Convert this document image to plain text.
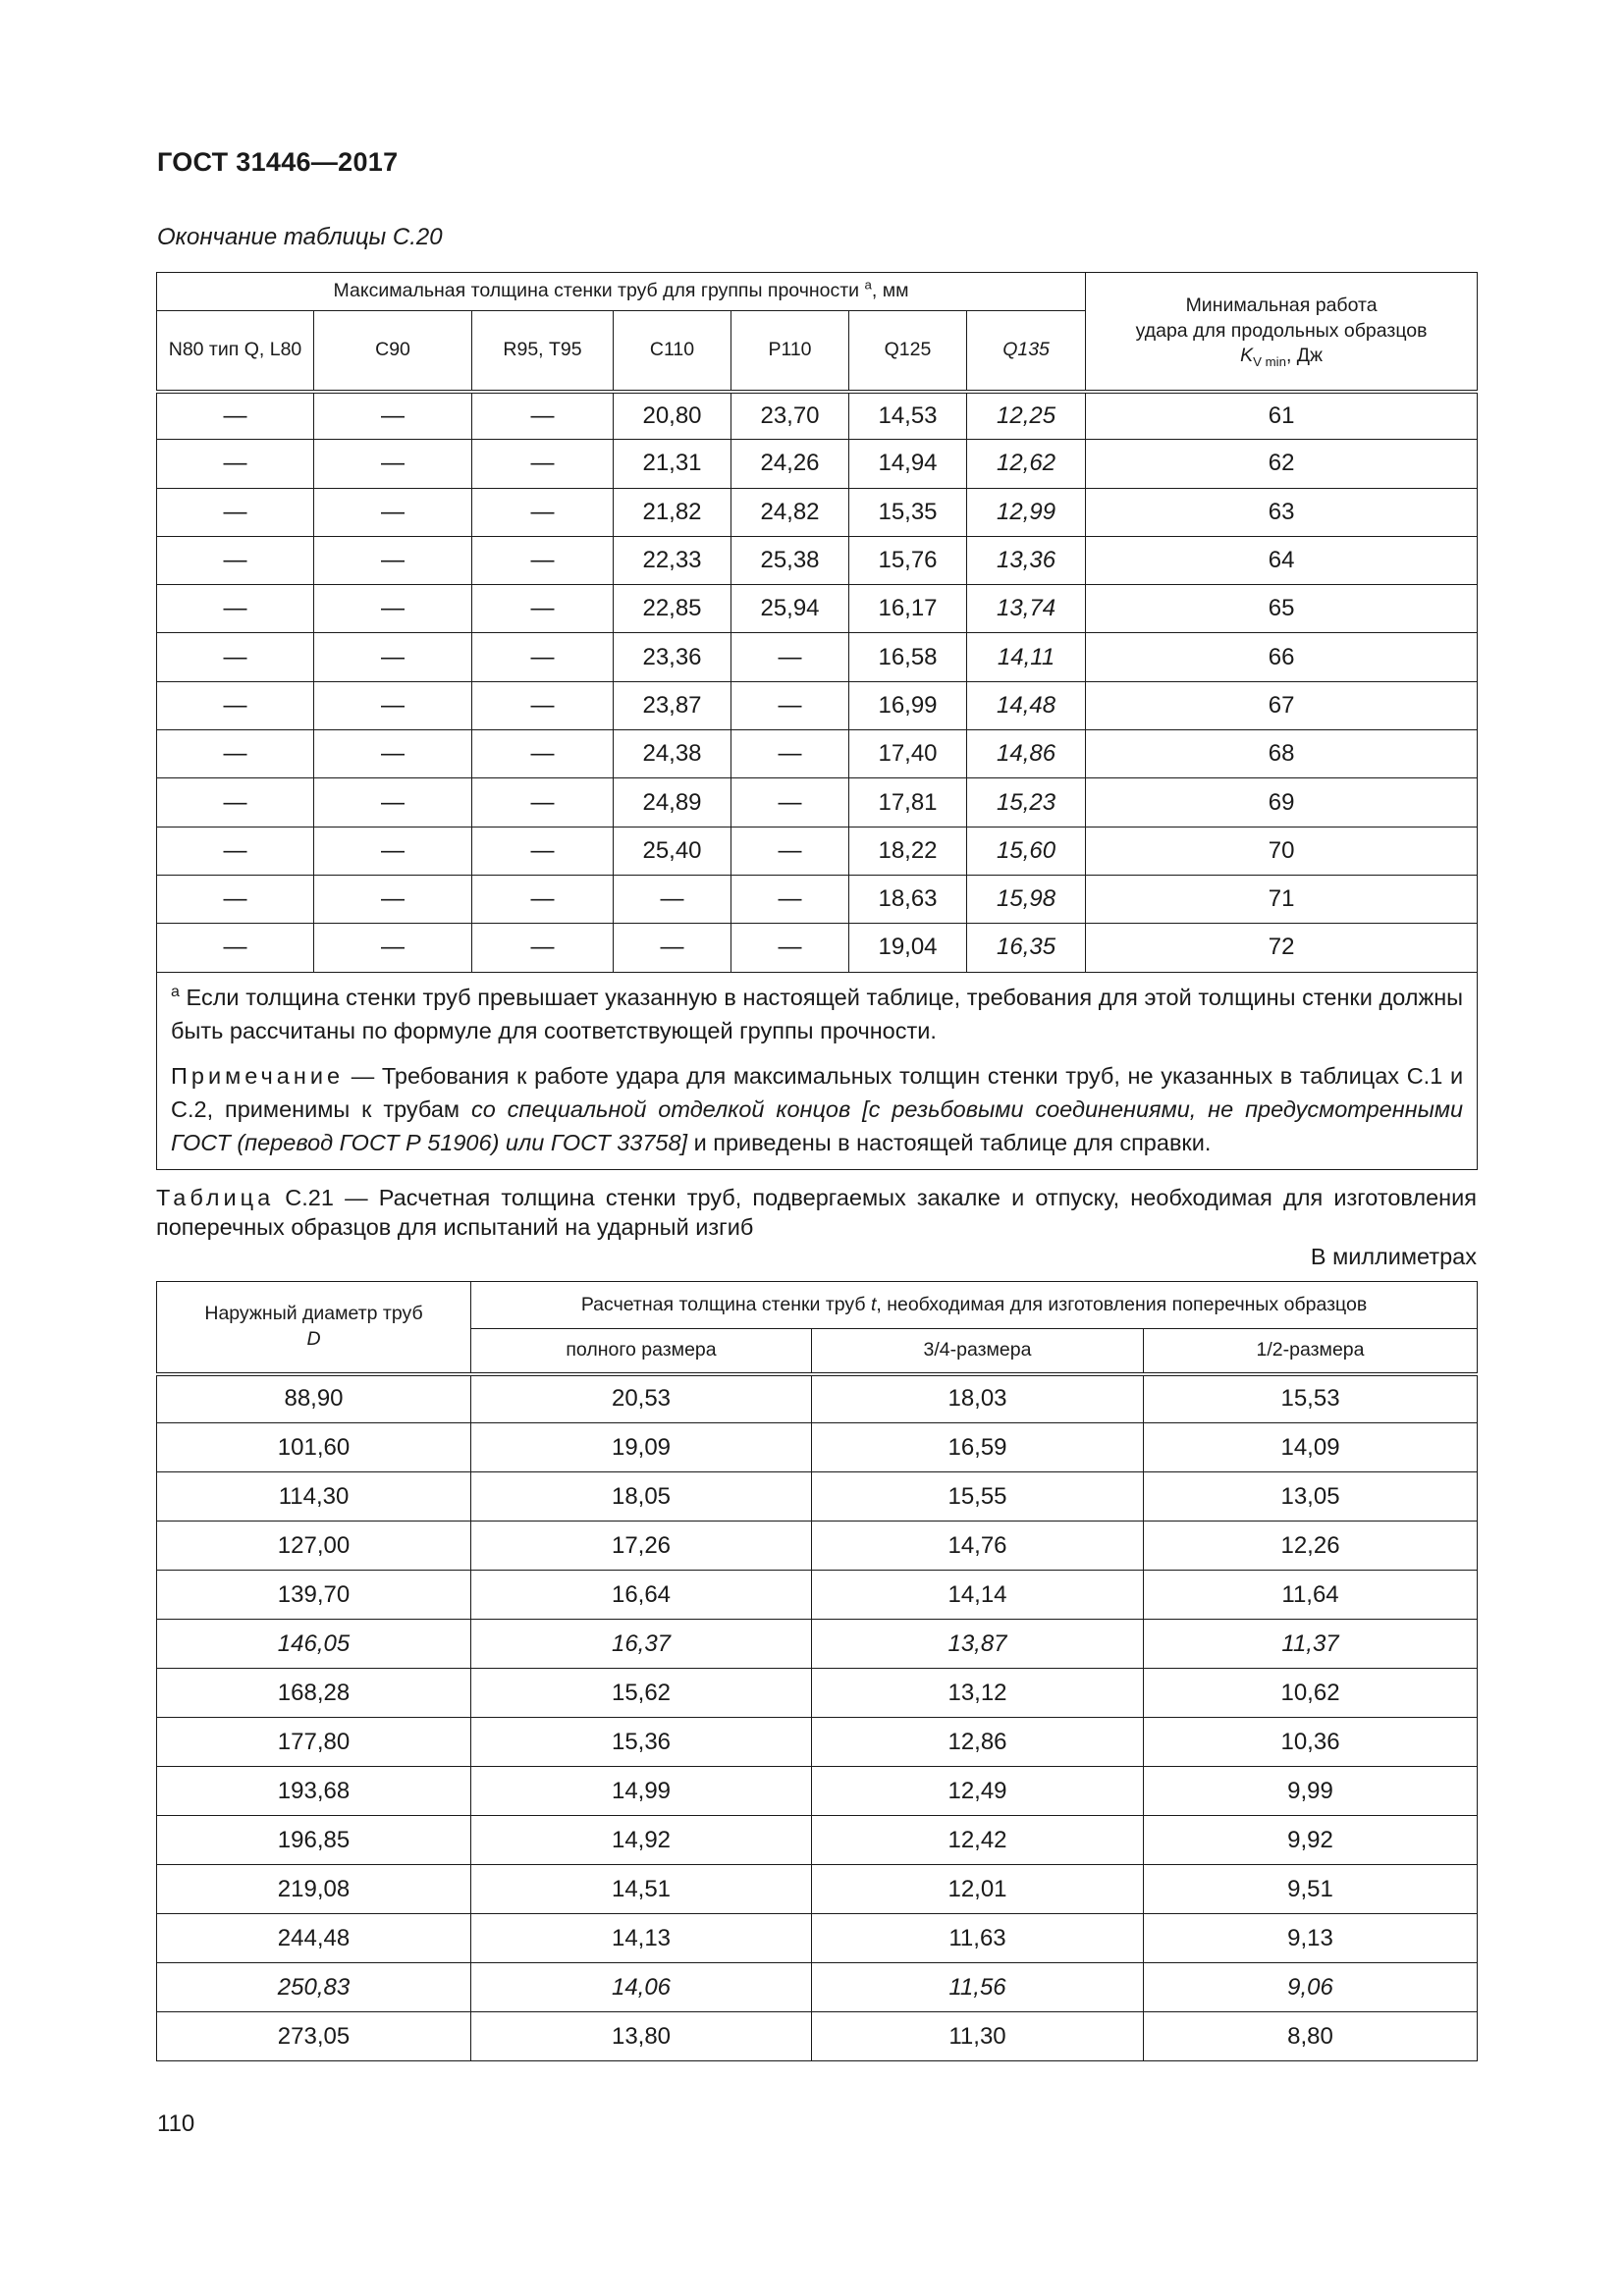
ГОСТ 31446—2017
Окончание таблицы С.20
Максимальная толщина стенки труб для группы прочности $^а$, мм							Минимальная работа
удара для продольных образцов
$K_{V min}$, Дж
N80 тип Q, L80	С90	R95, Т95	С110	Р110	Q125	Q135	
—	—	—	20,80	23,70	14,53	12,25	61
—	—	—	21,31	24,26	14,94	12,62	62
—	—	—	21,82	24,82	15,35	12,99	63
—	—	—	22,33	25,38	15,76	13,36	64
—	—	—	22,85	25,94	16,17	13,74	65
—	—	—	23,36	—	16,58	14,11	66
—	—	—	23,87	—	16,99	14,48	67
—	—	—	24,38	—	17,40	14,86	68
—	—	—	24,89	—	17,81	15,23	69
—	—	—	25,40	—	18,22	15,60	70
—	—	—	—	—	18,63	15,98	71
—	—	—	—	—	19,04	16,35	72

$^а$ Если толщина стенки труб превышает указанную в настоящей таблице, требования для этой толщины стенки должны быть рассчитаны по формуле для соответствующей группы прочности.

Примечание — Требования к работе удара для максимальных толщин стенки труб, не указанных в таблицах С.1 и С.2, применимы к трубам со специальной отделкой концов [с резьбовыми соединениями, не предусмотренными ГОСТ (перевод ГОСТ Р 51906) или ГОСТ 33758] и приведены в настоящей таблице для справки.							

Таблица С.21 — Расчетная толщина стенки труб, подвергаемых закалке и отпуску, необходимая для изготовления поперечных образцов для испытаний на ударный изгиб
В миллиметрах
Наружный диаметр труб
D	Расчетная толщина стенки труб t, необходимая для изготовления поперечных образцов		
	полного размера	3/4-размера	1/2-размера
88,90	20,53	18,03	15,53
101,60	19,09	16,59	14,09
114,30	18,05	15,55	13,05
127,00	17,26	14,76	12,26
139,70	16,64	14,14	11,64
146,05	16,37	13,87	11,37
168,28	15,62	13,12	10,62
177,80	15,36	12,86	10,36
193,68	14,99	12,49	9,99
196,85	14,92	12,42	9,92
219,08	14,51	12,01	9,51
244,48	14,13	11,63	9,13
250,83	14,06	11,56	9,06
273,05	13,80	11,30	8,80
110
